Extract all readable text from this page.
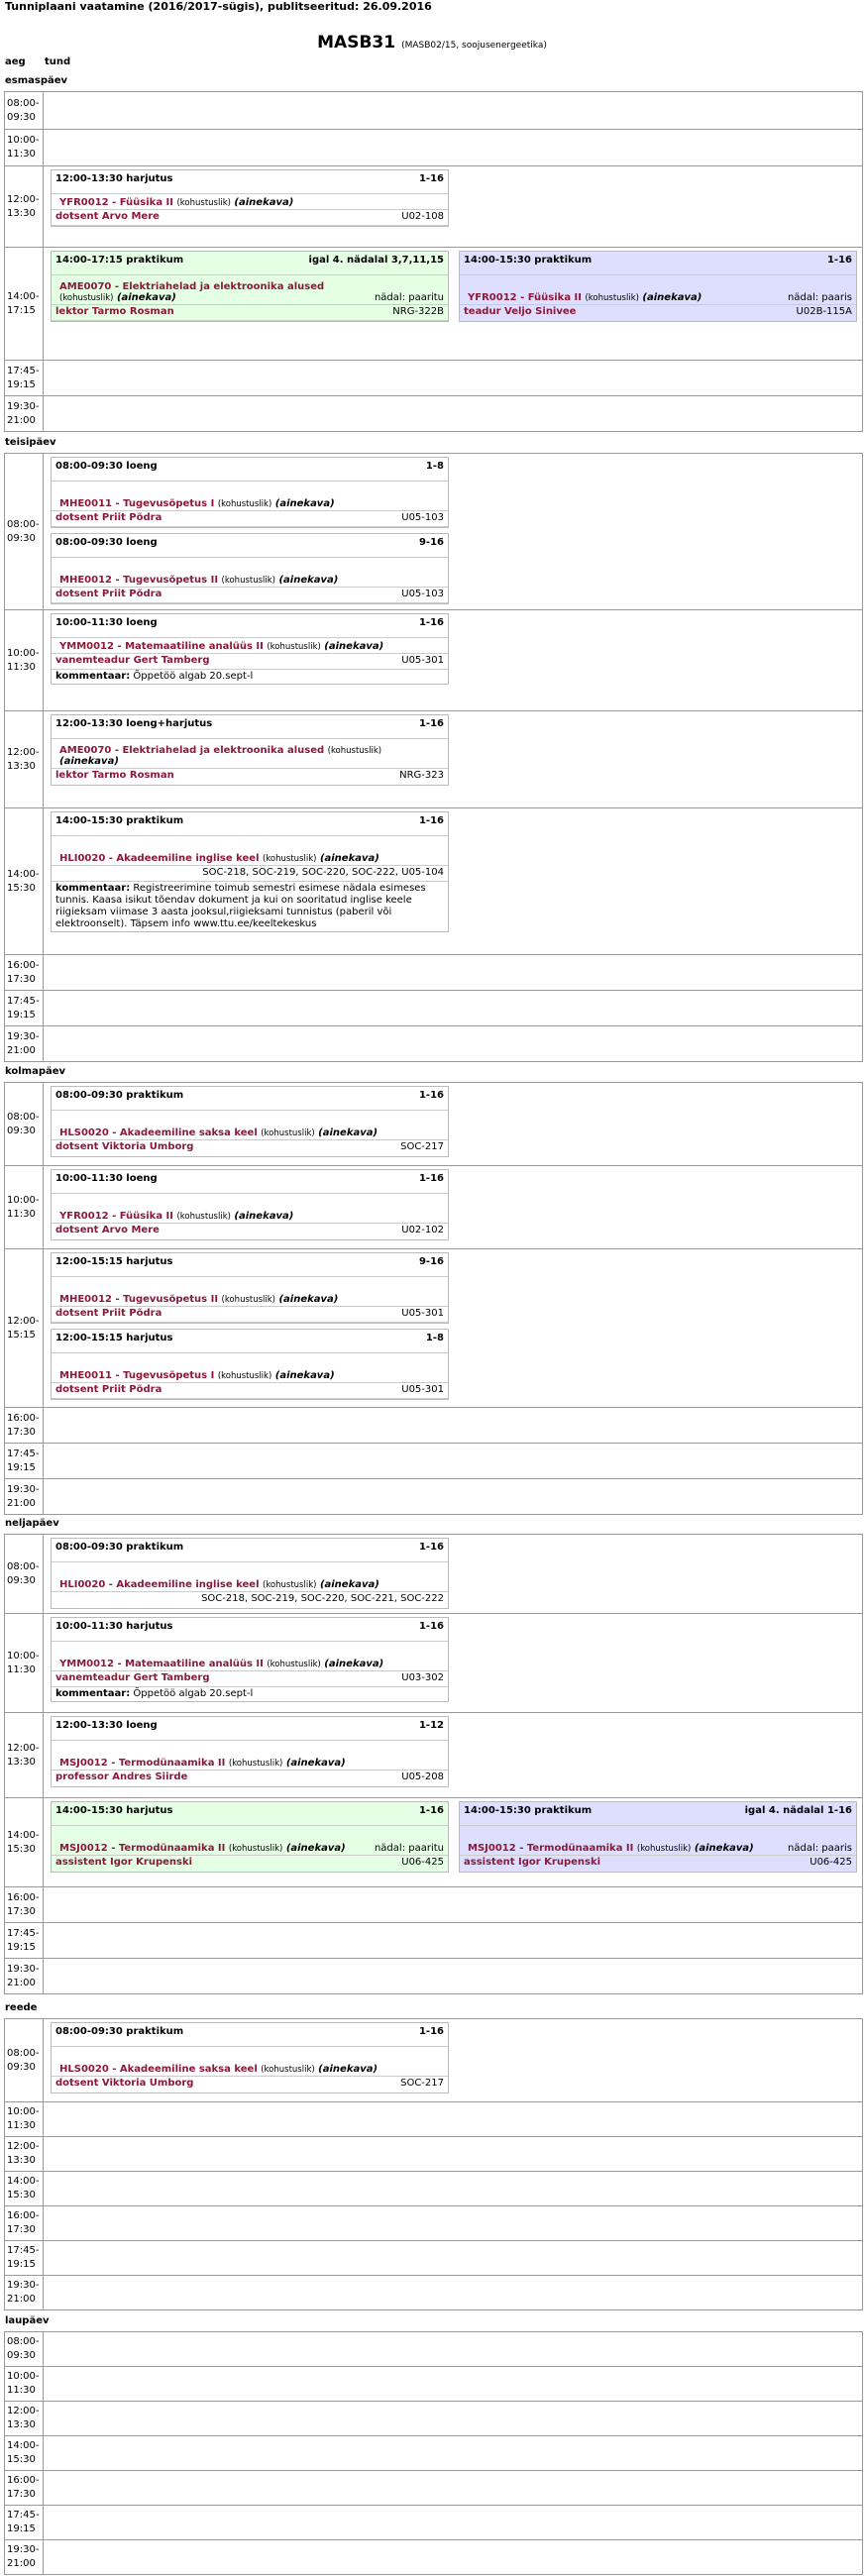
Tunniplaani vaatamine (2016/2017-sügis), publitseeritud: 26.09.2016
MASB31 (MASB02/15, soojusenergeetika)
aeg tund
esmaspäev
08:00-09:30
10:00-11:30
12:00-13:30
12:00-13:30 harjutus	1-16
YFR0012 - Füüsika II (kohustuslik) (ainekava)
dotsent Arvo Mere	U02-108
14:00-17:15
14:00-17:15 praktikum	igal 4. nädalal 3,7,11,15
AME0070 - Elektriahelad ja elektroonika alused (kohustuslik) (ainekava)	nädal: paaritu
lektor Tarmo Rosman	NRG-322B
14:00-15:30 praktikum	1-16
YFR0012 - Füüsika II (kohustuslik) (ainekava)	nädal: paaris
teadur Veljo Sinivee	U02B-115A
17:45-19:15
19:30-21:00
teisipäev
08:00-09:30
08:00-09:30 loeng	1-8
MHE0011 - Tugevusõpetus I (kohustuslik) (ainekava)
dotsent Priit Põdra	U05-103
08:00-09:30 loeng	9-16
MHE0012 - Tugevusõpetus II (kohustuslik) (ainekava)
dotsent Priit Põdra	U05-103
10:00-11:30
10:00-11:30 loeng	1-16
YMM0012 - Matemaatiline analüüs II (kohustuslik) (ainekava)
vanemteadur Gert Tamberg	U05-301
kommentaar: Õppetöö algab 20.sept-l
12:00-13:30
12:00-13:30 loeng+harjutus	1-16
AME0070 - Elektriahelad ja elektroonika alused (kohustuslik) (ainekava)
lektor Tarmo Rosman	NRG-323
14:00-15:30
14:00-15:30 praktikum	1-16
HLI0020 - Akadeemiline inglise keel (kohustuslik) (ainekava)
SOC-218, SOC-219, SOC-220, SOC-222, U05-104
kommentaar: Registreerimine toimub semestri esimese nädala esimeses tunnis. Kaasa isikut tõendav dokument ja kui on sooritatud inglise keele riigieksam viimase 3 aasta jooksul,riigieksami tunnistus (paberil või elektroonselt). Täpsem info www.ttu.ee/keeltekeskus
16:00-17:30
17:45-19:15
19:30-21:00
kolmapäev
08:00-09:30
08:00-09:30 praktikum	1-16
HLS0020 - Akadeemiline saksa keel (kohustuslik) (ainekava)
dotsent Viktoria Umborg	SOC-217
10:00-11:30
10:00-11:30 loeng	1-16
YFR0012 - Füüsika II (kohustuslik) (ainekava)
dotsent Arvo Mere	U02-102
12:00-15:15
12:00-15:15 harjutus	9-16
MHE0012 - Tugevusõpetus II (kohustuslik) (ainekava)
dotsent Priit Põdra	U05-301
12:00-15:15 harjutus	1-8
MHE0011 - Tugevusõpetus I (kohustuslik) (ainekava)
dotsent Priit Põdra	U05-301
16:00-17:30
17:45-19:15
19:30-21:00
neljapäev
08:00-09:30
08:00-09:30 praktikum	1-16
HLI0020 - Akadeemiline inglise keel (kohustuslik) (ainekava)
SOC-218, SOC-219, SOC-220, SOC-221, SOC-222
10:00-11:30
10:00-11:30 harjutus	1-16
YMM0012 - Matemaatiline analüüs II (kohustuslik) (ainekava)
vanemteadur Gert Tamberg	U03-302
kommentaar: Õppetöö algab 20.sept-l
12:00-13:30
12:00-13:30 loeng	1-12
MSJ0012 - Termodünaamika II (kohustuslik) (ainekava)
professor Andres Siirde	U05-208
14:00-15:30
14:00-15:30 harjutus	1-16
MSJ0012 - Termodünaamika II (kohustuslik) (ainekava)	nädal: paaritu
assistent Igor Krupenski	U06-425
14:00-15:30 praktikum	igal 4. nädalal 1-16
MSJ0012 - Termodünaamika II (kohustuslik) (ainekava)	nädal: paaris
assistent Igor Krupenski	U06-425
16:00-17:30
17:45-19:15
19:30-21:00
reede
08:00-09:30
08:00-09:30 praktikum	1-16
HLS0020 - Akadeemiline saksa keel (kohustuslik) (ainekava)
dotsent Viktoria Umborg	SOC-217
10:00-11:30
12:00-13:30
14:00-15:30
16:00-17:30
17:45-19:15
19:30-21:00
laupäev
08:00-09:30
10:00-11:30
12:00-13:30
14:00-15:30
16:00-17:30
17:45-19:15
19:30-21:00
